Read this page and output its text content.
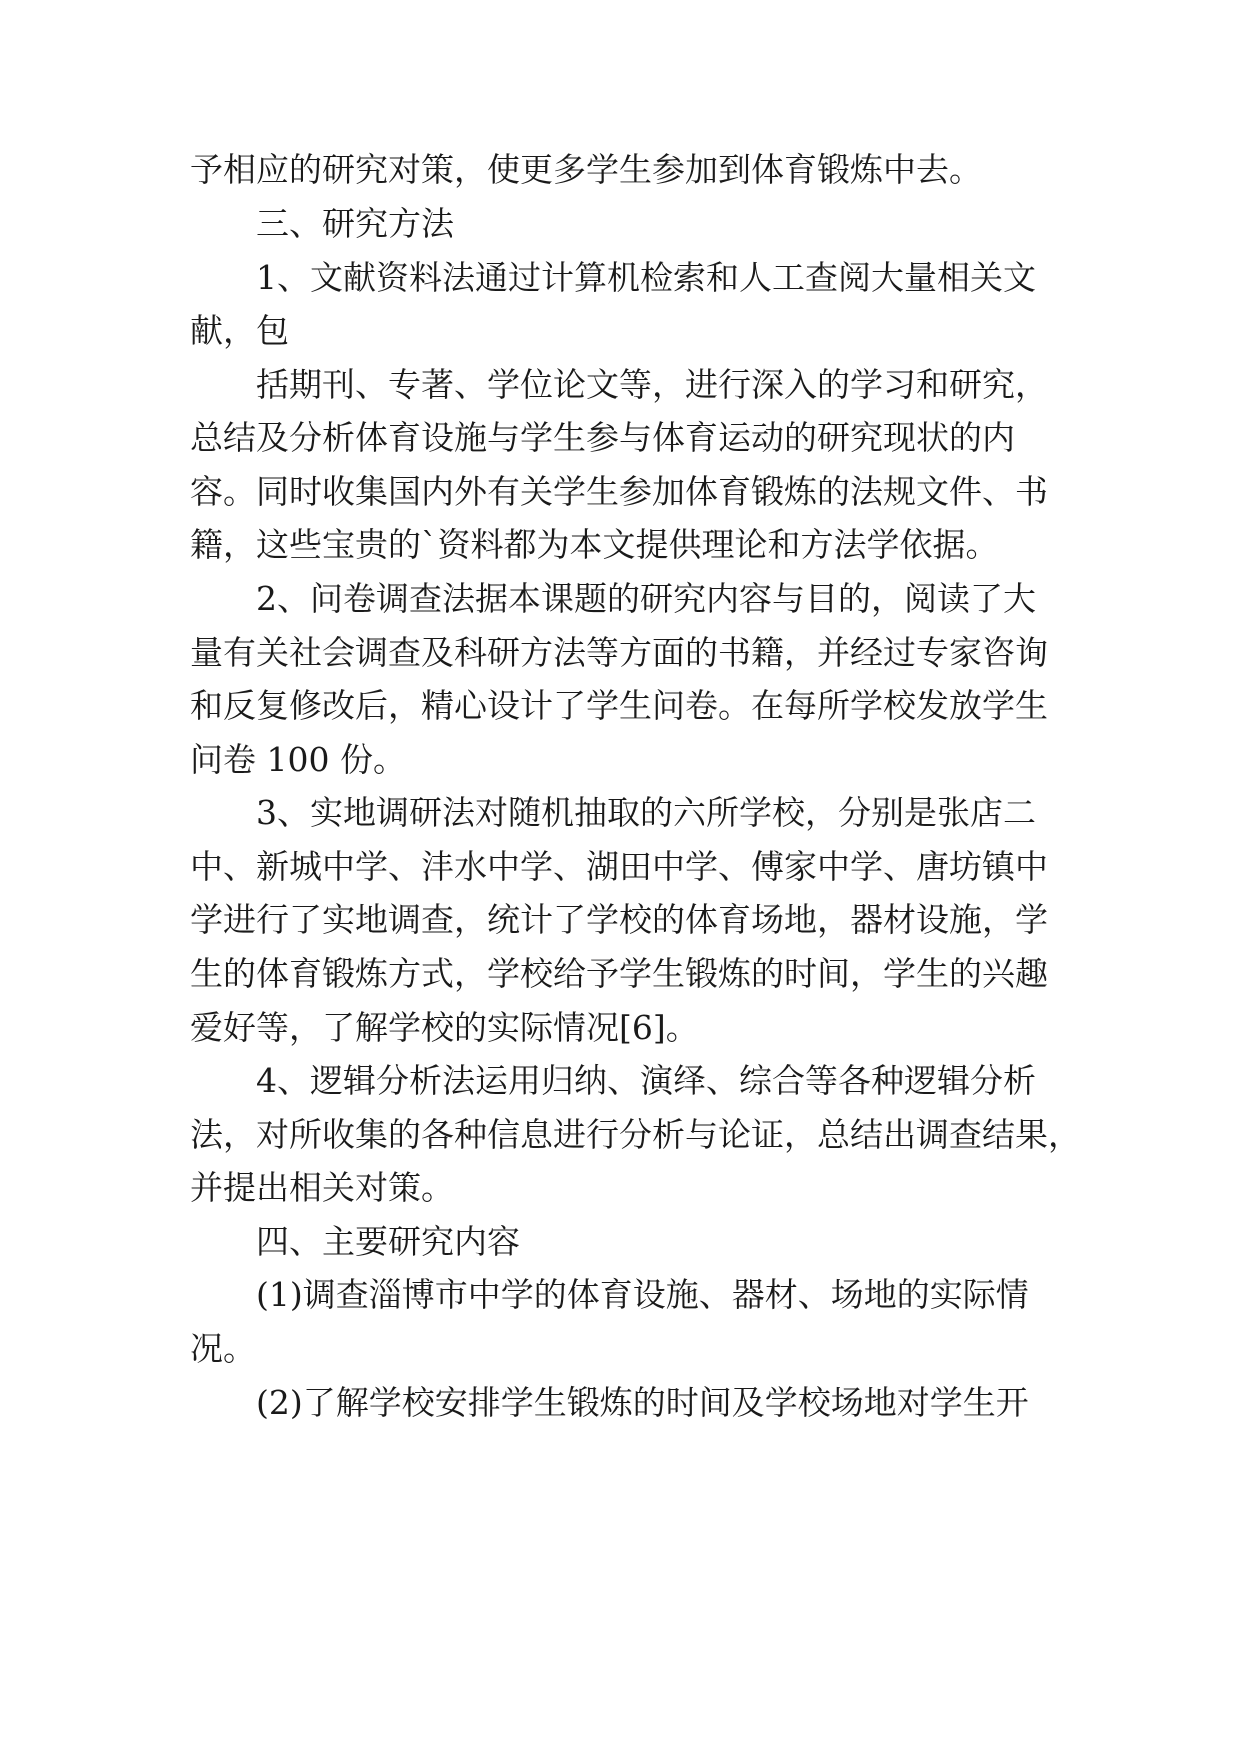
予相应的研究对策，使更多学生参加到体育锻炼中去。
三、研究方法
1、文献资料法通过计算机检索和人工查阅大量相关文
献，包
括期刊、专著、学位论文等，进行深入的学习和研究，
总结及分析体育设施与学生参与体育运动的研究现状的内
容。同时收集国内外有关学生参加体育锻炼的法规文件、书
籍，这些宝贵的`资料都为本文提供理论和方法学依据。
2、问卷调查法据本课题的研究内容与目的，阅读了大
量有关社会调查及科研方法等方面的书籍，并经过专家咨询
和反复修改后，精心设计了学生问卷。在每所学校发放学生
问卷 100 份。
3、实地调研法对随机抽取的六所学校，分别是张店二
中、新城中学、沣水中学、湖田中学、傅家中学、唐坊镇中
学进行了实地调查，统计了学校的体育场地，器材设施，学
生的体育锻炼方式，学校给予学生锻炼的时间，学生的兴趣
爱好等，了解学校的实际情况[6]。
4、逻辑分析法运用归纳、演绎、综合等各种逻辑分析
法，对所收集的各种信息进行分析与论证，总结出调查结果，
并提出相关对策。
四、主要研究内容
(1)调查淄博市中学的体育设施、器材、场地的实际情
况。
(2)了解学校安排学生锻炼的时间及学校场地对学生开
